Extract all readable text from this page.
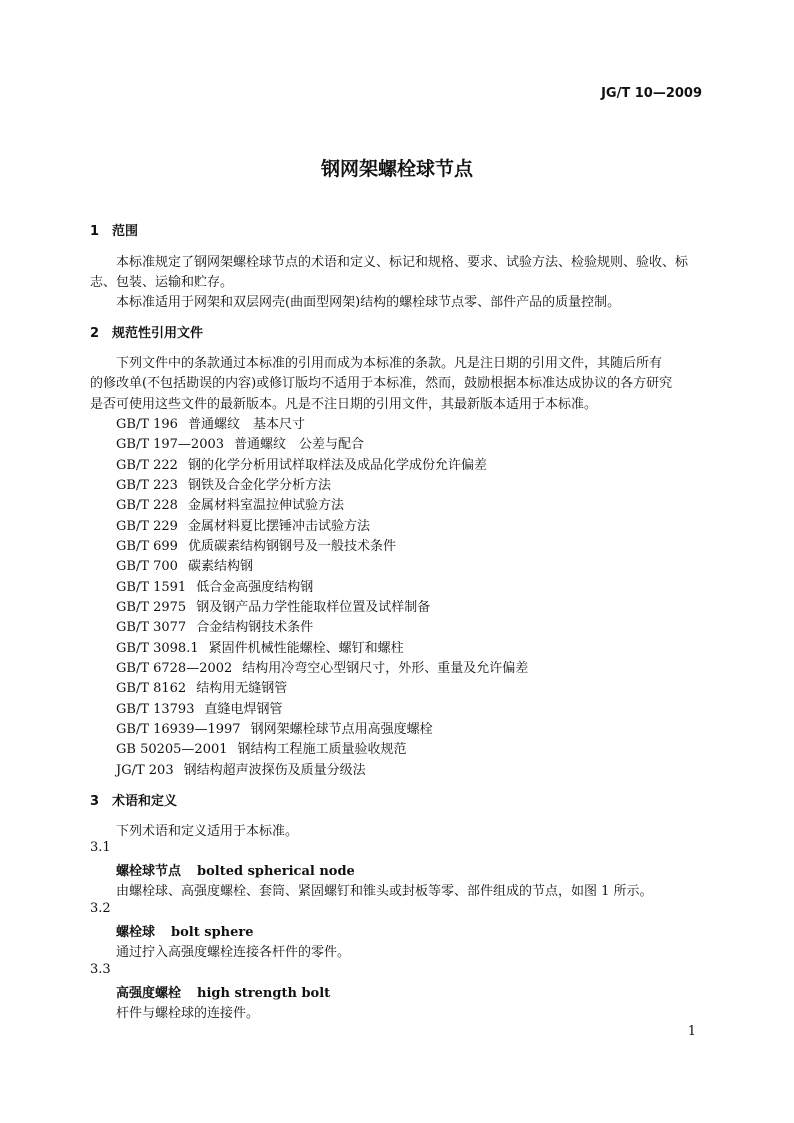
JG/T 10—2009
钢网架螺栓球节点
1 范围
本标准规定了钢网架螺栓球节点的术语和定义、标记和规格、要求、试验方法、检验规则、验收、标
志、包装、运输和贮存。
本标准适用于网架和双层网壳(曲面型网架)结构的螺栓球节点零、部件产品的质量控制。
2 规范性引用文件
下列文件中的条款通过本标准的引用而成为本标准的条款。凡是注日期的引用文件，其随后所有
的修改单(不包括勘误的内容)或修订版均不适用于本标准，然而，鼓励根据本标准达成协议的各方研究
是否可使用这些文件的最新版本。凡是不注日期的引用文件，其最新版本适用于本标准。
GB/T 196 普通螺纹　基本尺寸
GB/T 197—2003 普通螺纹　公差与配合
GB/T 222 钢的化学分析用试样取样法及成品化学成份允许偏差
GB/T 223 钢铁及合金化学分析方法
GB/T 228 金属材料室温拉伸试验方法
GB/T 229 金属材料夏比摆锤冲击试验方法
GB/T 699 优质碳素结构钢钢号及一般技术条件
GB/T 700 碳素结构钢
GB/T 1591 低合金高强度结构钢
GB/T 2975 钢及钢产品力学性能取样位置及试样制备
GB/T 3077 合金结构钢技术条件
GB/T 3098.1 紧固件机械性能螺栓、螺钉和螺柱
GB/T 6728—2002 结构用冷弯空心型钢尺寸，外形、重量及允许偏差
GB/T 8162 结构用无缝钢管
GB/T 13793 直缝电焊钢管
GB/T 16939—1997 钢网架螺栓球节点用高强度螺栓
GB 50205—2001 钢结构工程施工质量验收规范
JG/T 203 钢结构超声波探伤及质量分级法
3 术语和定义
下列术语和定义适用于本标准。
3.1
螺栓球节点 bolted spherical node
由螺栓球、高强度螺栓、套筒、紧固螺钉和锥头或封板等零、部件组成的节点，如图 1 所示。
3.2
螺栓球 bolt sphere
通过拧入高强度螺栓连接各杆件的零件。
3.3
高强度螺栓 high strength bolt
杆件与螺栓球的连接件。
1
